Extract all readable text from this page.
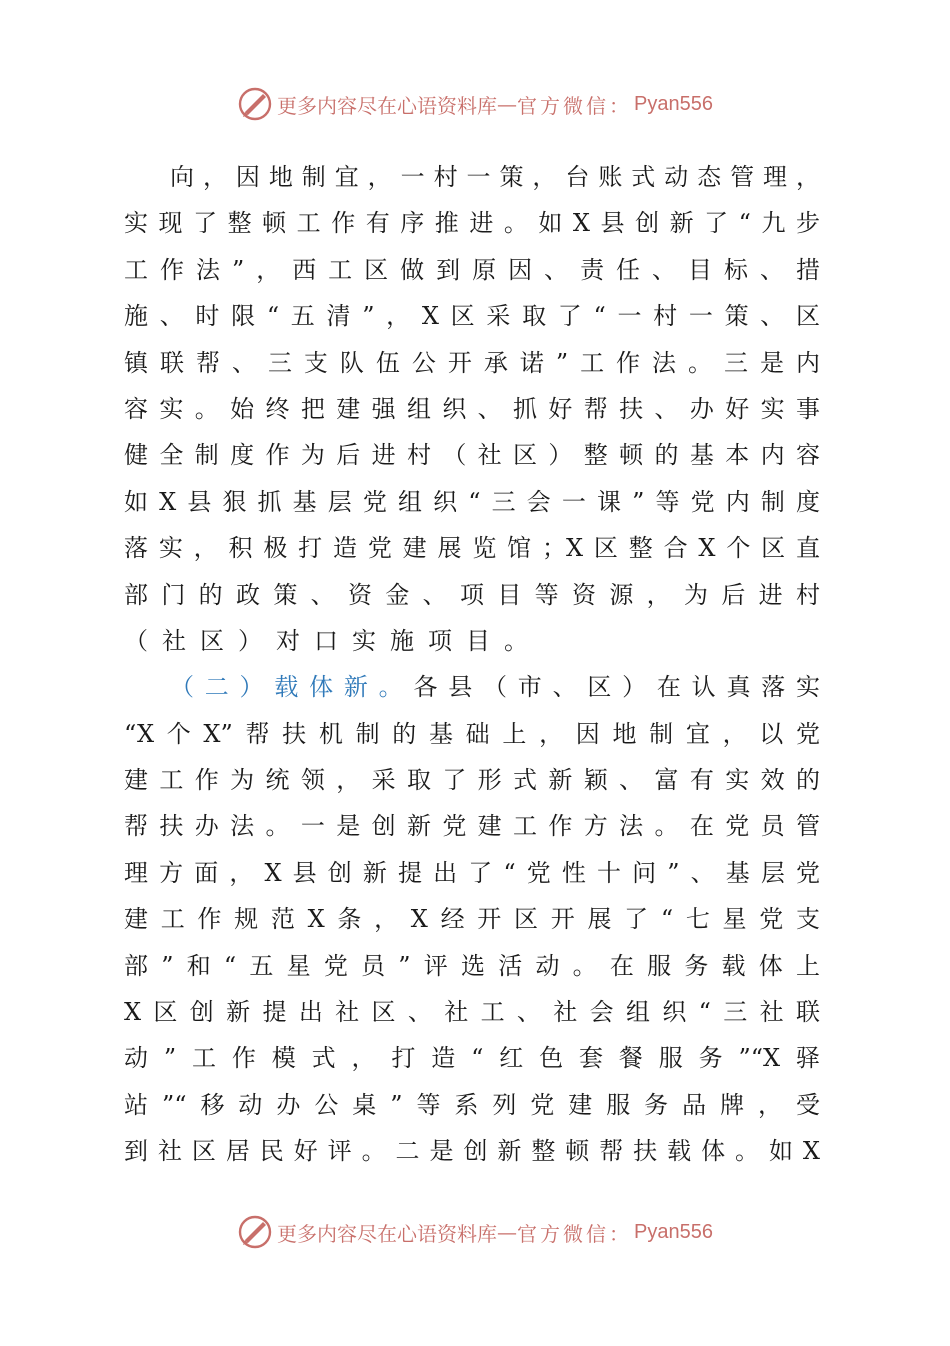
更多内容尽在心语资料库 — 官方微信： Pyan556
向，因地制宜，一村一策，台账式动态管理，
实现了整顿工作有序推进。如X县创新了“九步
工作法”，西工区做到原因、责任、目标、措
施、时限“五清”，X区采取了“一村一策、区
镇联帮、三支队伍公开承诺”工作法。三是内
容实。始终把建强组织、抓好帮扶、办好实事
健全制度作为后进村（社区）整顿的基本内容
如X县狠抓基层党组织“三会一课”等党内制度
落实，积极打造党建展览馆；X区整合X个区直
部门的政策、资金、项目等资源，为后进村
（社区）对口实施项目。
（二）载体新。各县（市、区）在认真落实
“X个X”帮扶机制的基础上，因地制宜，以党
建工作为统领，采取了形式新颖、富有实效的
帮扶办法。一是创新党建工作方法。在党员管
理方面，X县创新提出了“党性十问”、基层党
建工作规范X条，X经开区开展了“七星党支
部”和“五星党员”评选活动。在服务载体上
X区创新提出社区、社工、社会组织“三社联
动”工作模式，打造“红色套餐服务”“X驿
站”“移动办公桌”等系列党建服务品牌，受
到社区居民好评。二是创新整顿帮扶载体。如X
更多内容尽在心语资料库 — 官方微信： Pyan556
